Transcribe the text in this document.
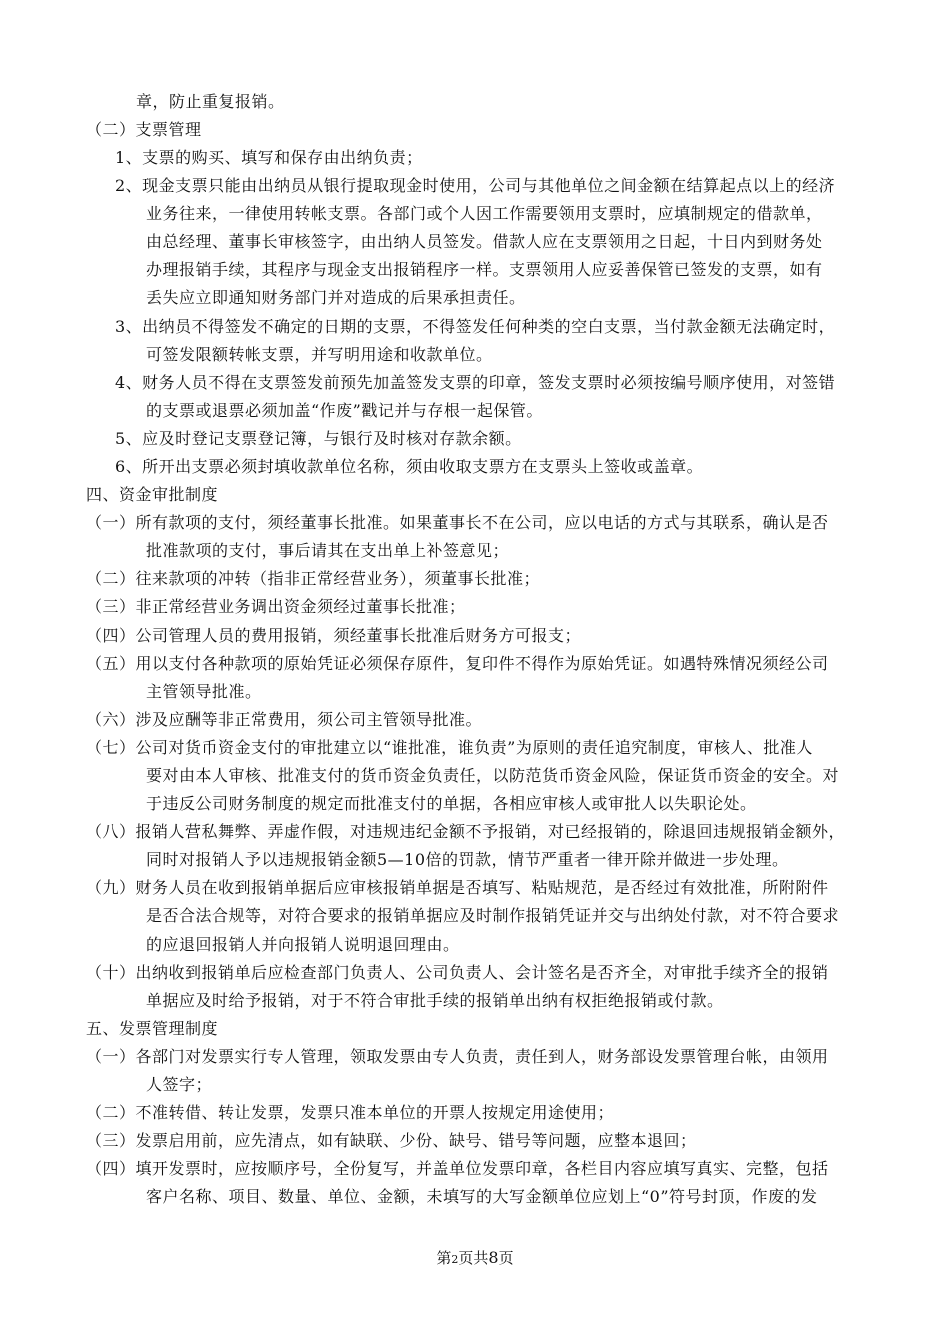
章，防止重复报销。
（二）支票管理
1、支票的购买、填写和保存由出纳负责；
2、现金支票只能由出纳员从银行提取现金时使用，公司与其他单位之间金额在结算起点以上的经济
业务往来，一律使用转帐支票。各部门或个人因工作需要领用支票时，应填制规定的借款单，
由总经理、董事长审核签字，由出纳人员签发。借款人应在支票领用之日起，十日内到财务处
办理报销手续，其程序与现金支出报销程序一样。支票领用人应妥善保管已签发的支票，如有
丢失应立即通知财务部门并对造成的后果承担责任。
3、出纳员不得签发不确定的日期的支票，不得签发任何种类的空白支票，当付款金额无法确定时，
可签发限额转帐支票，并写明用途和收款单位。
4、财务人员不得在支票签发前预先加盖签发支票的印章，签发支票时必须按编号顺序使用，对签错
的支票或退票必须加盖“作废”戳记并与存根一起保管。
5、应及时登记支票登记簿，与银行及时核对存款余额。
6、所开出支票必须封填收款单位名称，须由收取支票方在支票头上签收或盖章。
四、资金审批制度
（一）所有款项的支付，须经董事长批准。如果董事长不在公司，应以电话的方式与其联系，确认是否
批准款项的支付，事后请其在支出单上补签意见；
（二）往来款项的冲转（指非正常经营业务），须董事长批准；
（三）非正常经营业务调出资金须经过董事长批准；
（四）公司管理人员的费用报销，须经董事长批准后财务方可报支；
（五）用以支付各种款项的原始凭证必须保存原件，复印件不得作为原始凭证。如遇特殊情况须经公司
主管领导批准。
（六）涉及应酬等非正常费用，须公司主管领导批准。
（七）公司对货币资金支付的审批建立以“谁批准，谁负责”为原则的责任追究制度，审核人、批准人
要对由本人审核、批准支付的货币资金负责任，以防范货币资金风险，保证货币资金的安全。对
于违反公司财务制度的规定而批准支付的单据，各相应审核人或审批人以失职论处。
（八）报销人营私舞弊、弄虚作假，对违规违纪金额不予报销，对已经报销的，除退回违规报销金额外，
同时对报销人予以违规报销金额5—10倍的罚款，情节严重者一律开除并做进一步处理。
（九）财务人员在收到报销单据后应审核报销单据是否填写、粘贴规范，是否经过有效批准，所附附件
是否合法合规等，对符合要求的报销单据应及时制作报销凭证并交与出纳处付款，对不符合要求
的应退回报销人并向报销人说明退回理由。
（十）出纳收到报销单后应检查部门负责人、公司负责人、会计签名是否齐全，对审批手续齐全的报销
单据应及时给予报销，对于不符合审批手续的报销单出纳有权拒绝报销或付款。
五、发票管理制度
（一）各部门对发票实行专人管理，领取发票由专人负责，责任到人，财务部设发票管理台帐，由领用
人签字；
（二）不准转借、转让发票，发票只准本单位的开票人按规定用途使用；
（三）发票启用前，应先清点，如有缺联、少份、缺号、错号等问题，应整本退回；
（四）填开发票时，应按顺序号，全份复写，并盖单位发票印章，各栏目内容应填写真实、完整，包括
客户名称、项目、数量、单位、金额，未填写的大写金额单位应划上“0”符号封顶，作废的发
第2页共8页
